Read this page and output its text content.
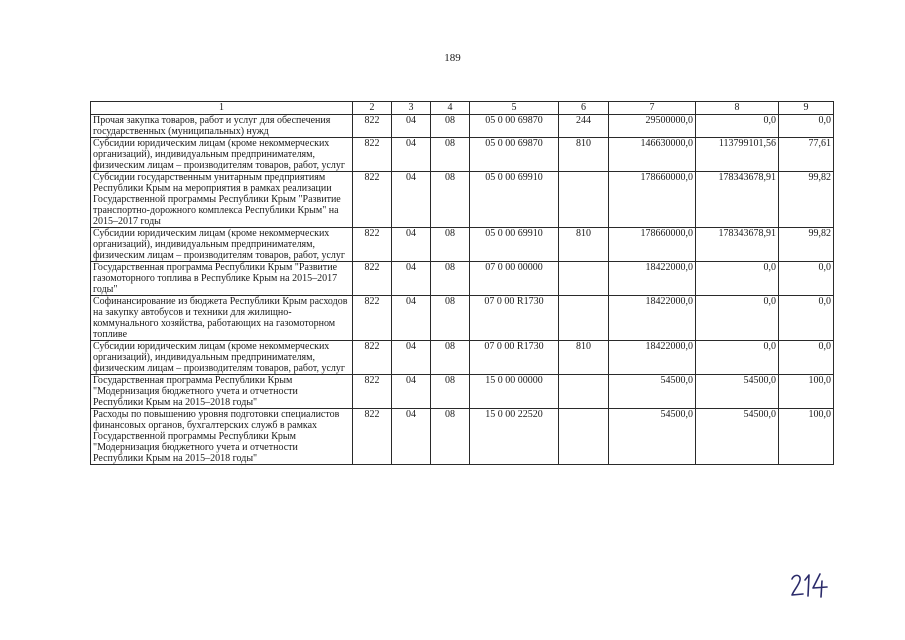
189
1	2	3	4	5	6	7	8	9
Прочая закупка товаров, работ и услуг для обеспечения государственных (муниципальных) нужд	822	04	08	05 0 00 69870	244	29500000,0	0,0	0,0
Субсидии юридическим лицам (кроме некоммерческих организаций), индивидуальным предпринимателям, физическим лицам – производителям товаров, работ, услуг	822	04	08	05 0 00 69870	810	146630000,0	113799101,56	77,61
Субсидии государственным унитарным предприятиям Республики Крым на мероприятия в рамках реализации Государственной программы Республики Крым "Развитие транспортно-дорожного комплекса Республики Крым" на 2015–2017 годы	822	04	08	05 0 00 69910		178660000,0	178343678,91	99,82
Субсидии юридическим лицам (кроме некоммерческих организаций), индивидуальным предпринимателям, физическим лицам – производителям товаров, работ, услуг	822	04	08	05 0 00 69910	810	178660000,0	178343678,91	99,82
Государственная программа Республики Крым "Развитие газомоторного топлива в Республике Крым на 2015–2017 годы"	822	04	08	07 0 00 00000		18422000,0	0,0	0,0
Софинансирование из бюджета Республики Крым расходов на закупку автобусов и техники для жилищно-коммунального хозяйства, работающих на газомоторном топливе	822	04	08	07 0 00 R1730		18422000,0	0,0	0,0
Субсидии юридическим лицам (кроме некоммерческих организаций), индивидуальным предпринимателям, физическим лицам – производителям товаров, работ, услуг	822	04	08	07 0 00 R1730	810	18422000,0	0,0	0,0
Государственная программа Республики Крым "Модернизация бюджетного учета и отчетности Республики Крым на 2015–2018 годы"	822	04	08	15 0 00 00000		54500,0	54500,0	100,0
Расходы по повышению уровня подготовки специалистов финансовых органов, бухгалтерских служб в рамках Государственной программы Республики Крым "Модернизация бюджетного учета и отчетности Республики Крым на 2015–2018 годы"	822	04	08	15 0 00 22520		54500,0	54500,0	100,0
